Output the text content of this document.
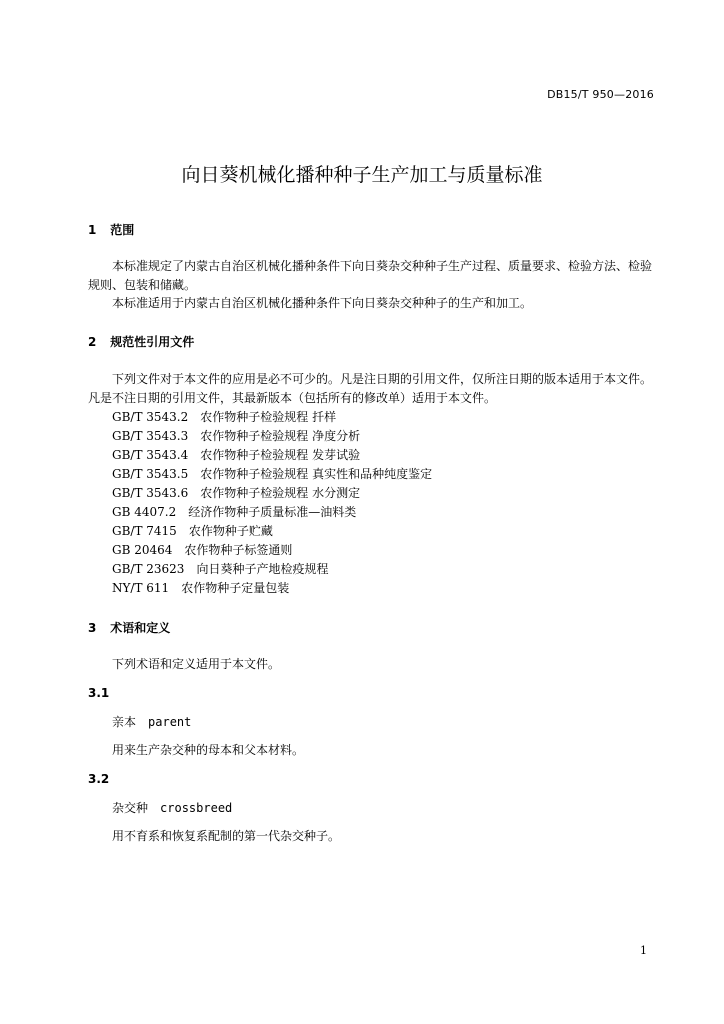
DB15/T 950—2016
向日葵机械化播种种子生产加工与质量标准
1 范围
本标准规定了内蒙古自治区机械化播种条件下向日葵杂交种种子生产过程、质量要求、检验方法、检验规则、包装和储藏。
本标准适用于内蒙古自治区机械化播种条件下向日葵杂交种种子的生产和加工。
2 规范性引用文件
下列文件对于本文件的应用是必不可少的。凡是注日期的引用文件，仅所注日期的版本适用于本文件。凡是不注日期的引用文件，其最新版本（包括所有的修改单）适用于本文件。
GB/T 3543.2 农作物种子检验规程 扦样
GB/T 3543.3 农作物种子检验规程 净度分析
GB/T 3543.4 农作物种子检验规程 发芽试验
GB/T 3543.5 农作物种子检验规程 真实性和品种纯度鉴定
GB/T 3543.6 农作物种子检验规程 水分测定
GB 4407.2 经济作物种子质量标准—油料类
GB/T 7415 农作物种子贮藏
GB 20464 农作物种子标签通则
GB/T 23623 向日葵种子产地检疫规程
NY/T 611 农作物种子定量包装
3 术语和定义
下列术语和定义适用于本文件。
3.1
亲本 parent
用来生产杂交种的母本和父本材料。
3.2
杂交种 crossbreed
用不育系和恢复系配制的第一代杂交种子。
1
